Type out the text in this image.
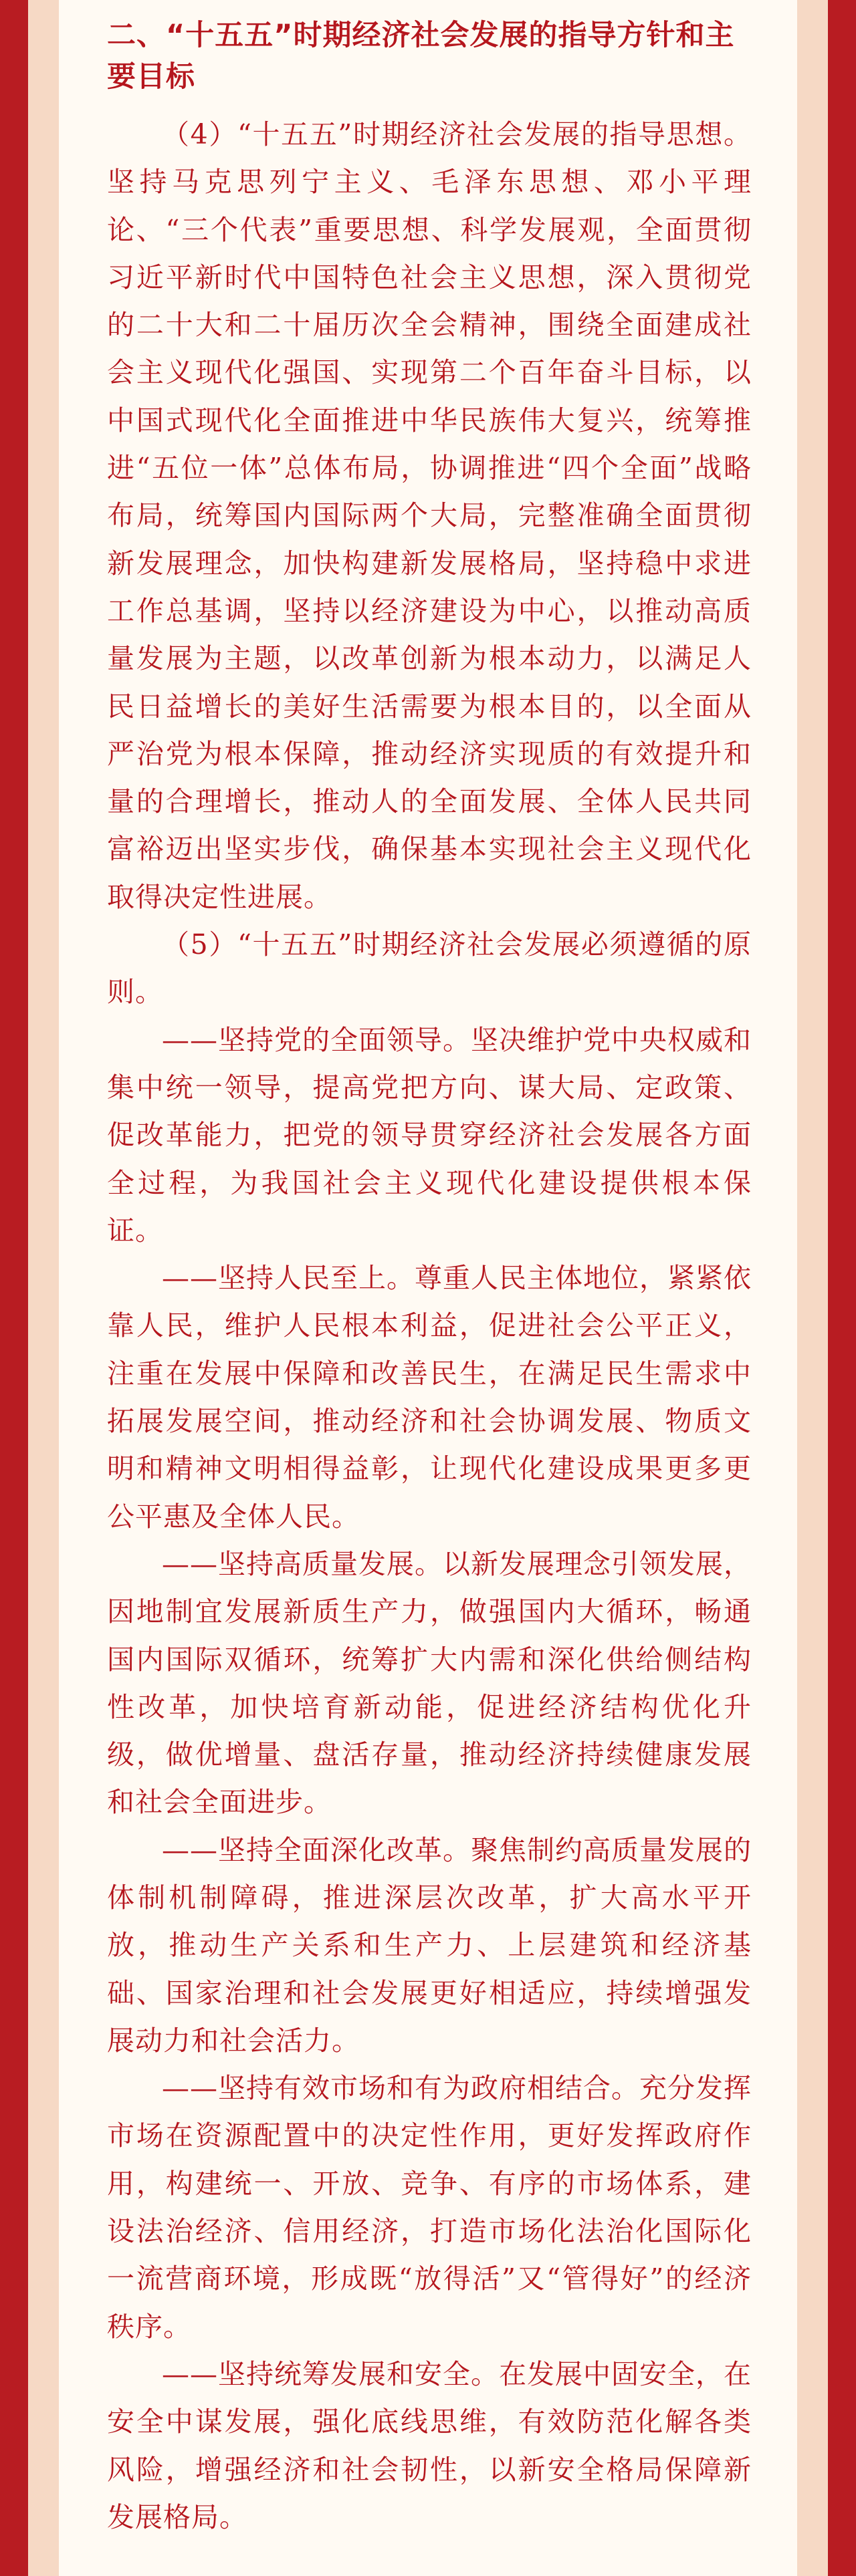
二、“十五五”时期经济社会发展的指导方针和主要目标

（4）“十五五”时期经济社会发展的指导思想。坚持马克思列宁主义、毛泽东思想、邓小平理论、“三个代表”重要思想、科学发展观，全面贯彻习近平新时代中国特色社会主义思想，深入贯彻党的二十大和二十届历次全会精神，围绕全面建成社会主义现代化强国、实现第二个百年奋斗目标，以中国式现代化全面推进中华民族伟大复兴，统筹推进“五位一体”总体布局，协调推进“四个全面”战略布局，统筹国内国际两个大局，完整准确全面贯彻新发展理念，加快构建新发展格局，坚持稳中求进工作总基调，坚持以经济建设为中心，以推动高质量发展为主题，以改革创新为根本动力，以满足人民日益增长的美好生活需要为根本目的，以全面从严治党为根本保障，推动经济实现质的有效提升和量的合理增长，推动人的全面发展、全体人民共同富裕迈出坚实步伐，确保基本实现社会主义现代化取得决定性进展。

（5）“十五五”时期经济社会发展必须遵循的原则。

——坚持党的全面领导。坚决维护党中央权威和集中统一领导，提高党把方向、谋大局、定政策、促改革能力，把党的领导贯穿经济社会发展各方面全过程，为我国社会主义现代化建设提供根本保证。

——坚持人民至上。尊重人民主体地位，紧紧依靠人民，维护人民根本利益，促进社会公平正义，注重在发展中保障和改善民生，在满足民生需求中拓展发展空间，推动经济和社会协调发展、物质文明和精神文明相得益彰，让现代化建设成果更多更公平惠及全体人民。

——坚持高质量发展。以新发展理念引领发展，因地制宜发展新质生产力，做强国内大循环，畅通国内国际双循环，统筹扩大内需和深化供给侧结构性改革，加快培育新动能，促进经济结构优化升级，做优增量、盘活存量，推动经济持续健康发展和社会全面进步。

——坚持全面深化改革。聚焦制约高质量发展的体制机制障碍，推进深层次改革，扩大高水平开放，推动生产关系和生产力、上层建筑和经济基础、国家治理和社会发展更好相适应，持续增强发展动力和社会活力。

——坚持有效市场和有为政府相结合。充分发挥市场在资源配置中的决定性作用，更好发挥政府作用，构建统一、开放、竞争、有序的市场体系，建设法治经济、信用经济，打造市场化法治化国际化一流营商环境，形成既“放得活”又“管得好”的经济秩序。

——坚持统筹发展和安全。在发展中固安全，在安全中谋发展，强化底线思维，有效防范化解各类风险，增强经济和社会韧性，以新安全格局保障新发展格局。
